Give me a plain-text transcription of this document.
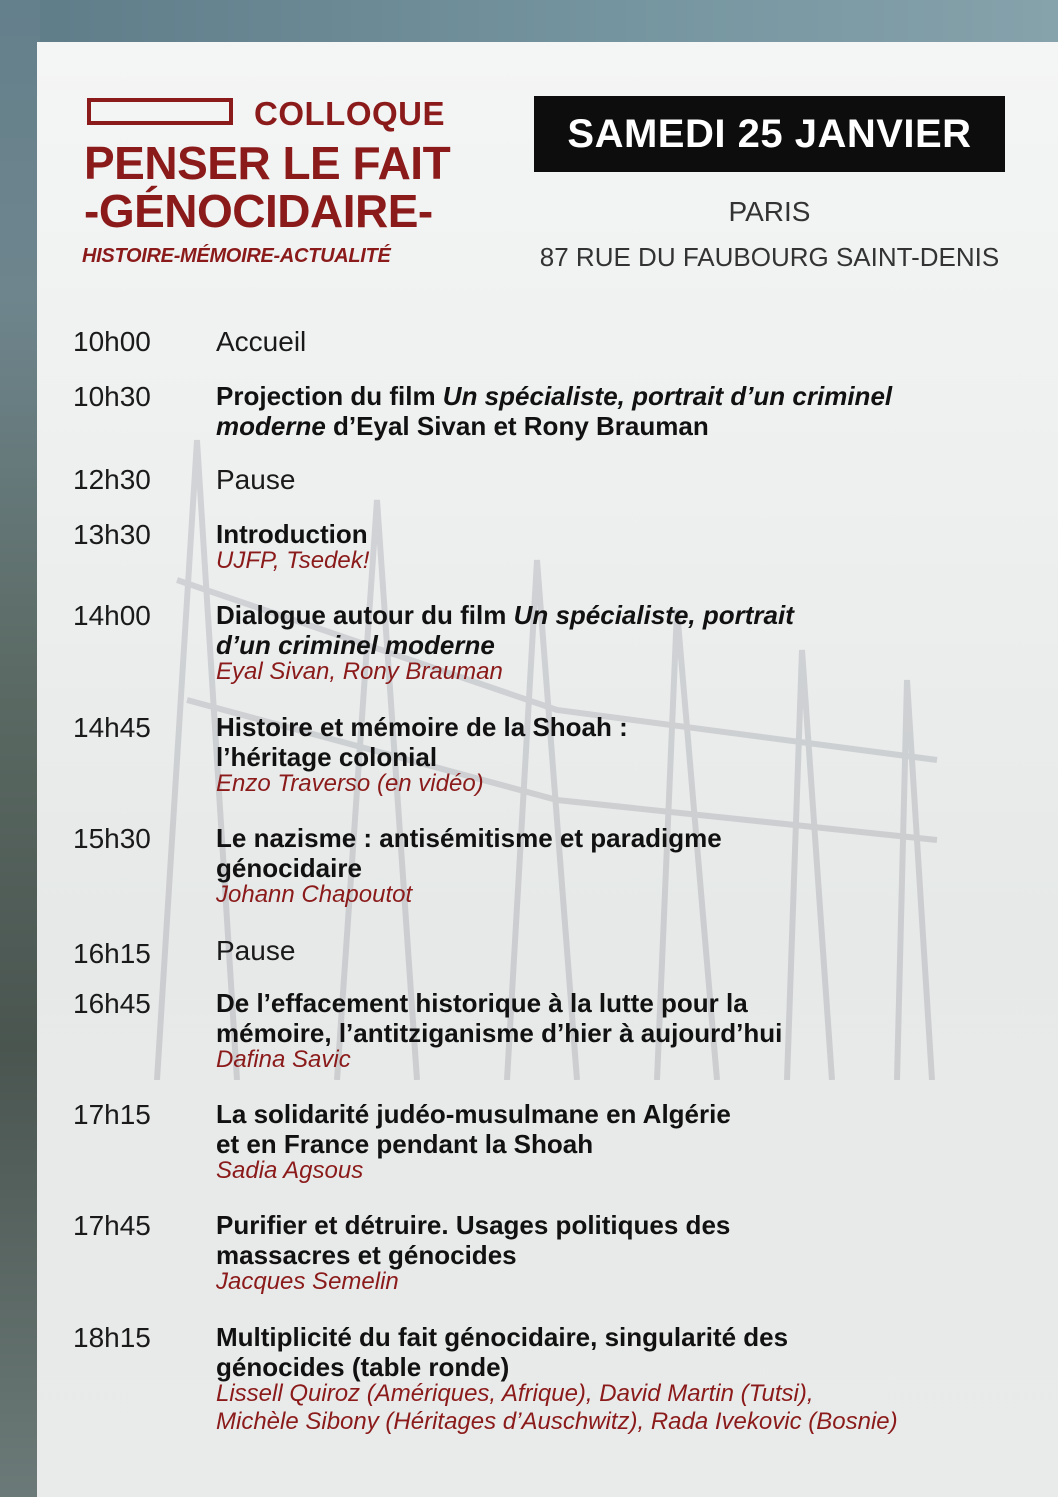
COLLOQUE
PENSER LE FAIT
-GÉNOCIDAIRE-
HISTOIRE-MÉMOIRE-ACTUALITÉ
SAMEDI 25 JANVIER
PARIS
87 RUE DU FAUBOURG SAINT-DENIS
10h00 Accueil
10h30	Projection du film Un spécialiste, portrait d’un criminel moderne d’Eyal Sivan et Rony Brauman
12h30 Pause
13h30	Introduction
UJFP, Tsedek!
14h00	Dialogue autour du film Un spécialiste, portrait d’un criminel moderne
Eyal Sivan, Rony Brauman
14h45	Histoire et mémoire de la Shoah :
l’héritage colonial
Enzo Traverso (en vidéo)
15h30	Le nazisme : antisémitisme et paradigme
génocidaire
Johann Chapoutot
16h15 Pause
16h45	De l’effacement historique à la lutte pour la
mémoire, l’antitziganisme d’hier à aujourd’hui
Dafina Savic
17h15	La solidarité judéo-musulmane en Algérie
et en France pendant la Shoah
Sadia Agsous
17h45	Purifier et détruire. Usages politiques des
massacres et génocides
Jacques Semelin
18h15	Multiplicité du fait génocidaire, singularité des
génocides (table ronde)
Lissell Quiroz (Amériques, Afrique), David Martin (Tutsi),
Michèle Sibony (Héritages d’Auschwitz), Rada Ivekovic (Bosnie)
